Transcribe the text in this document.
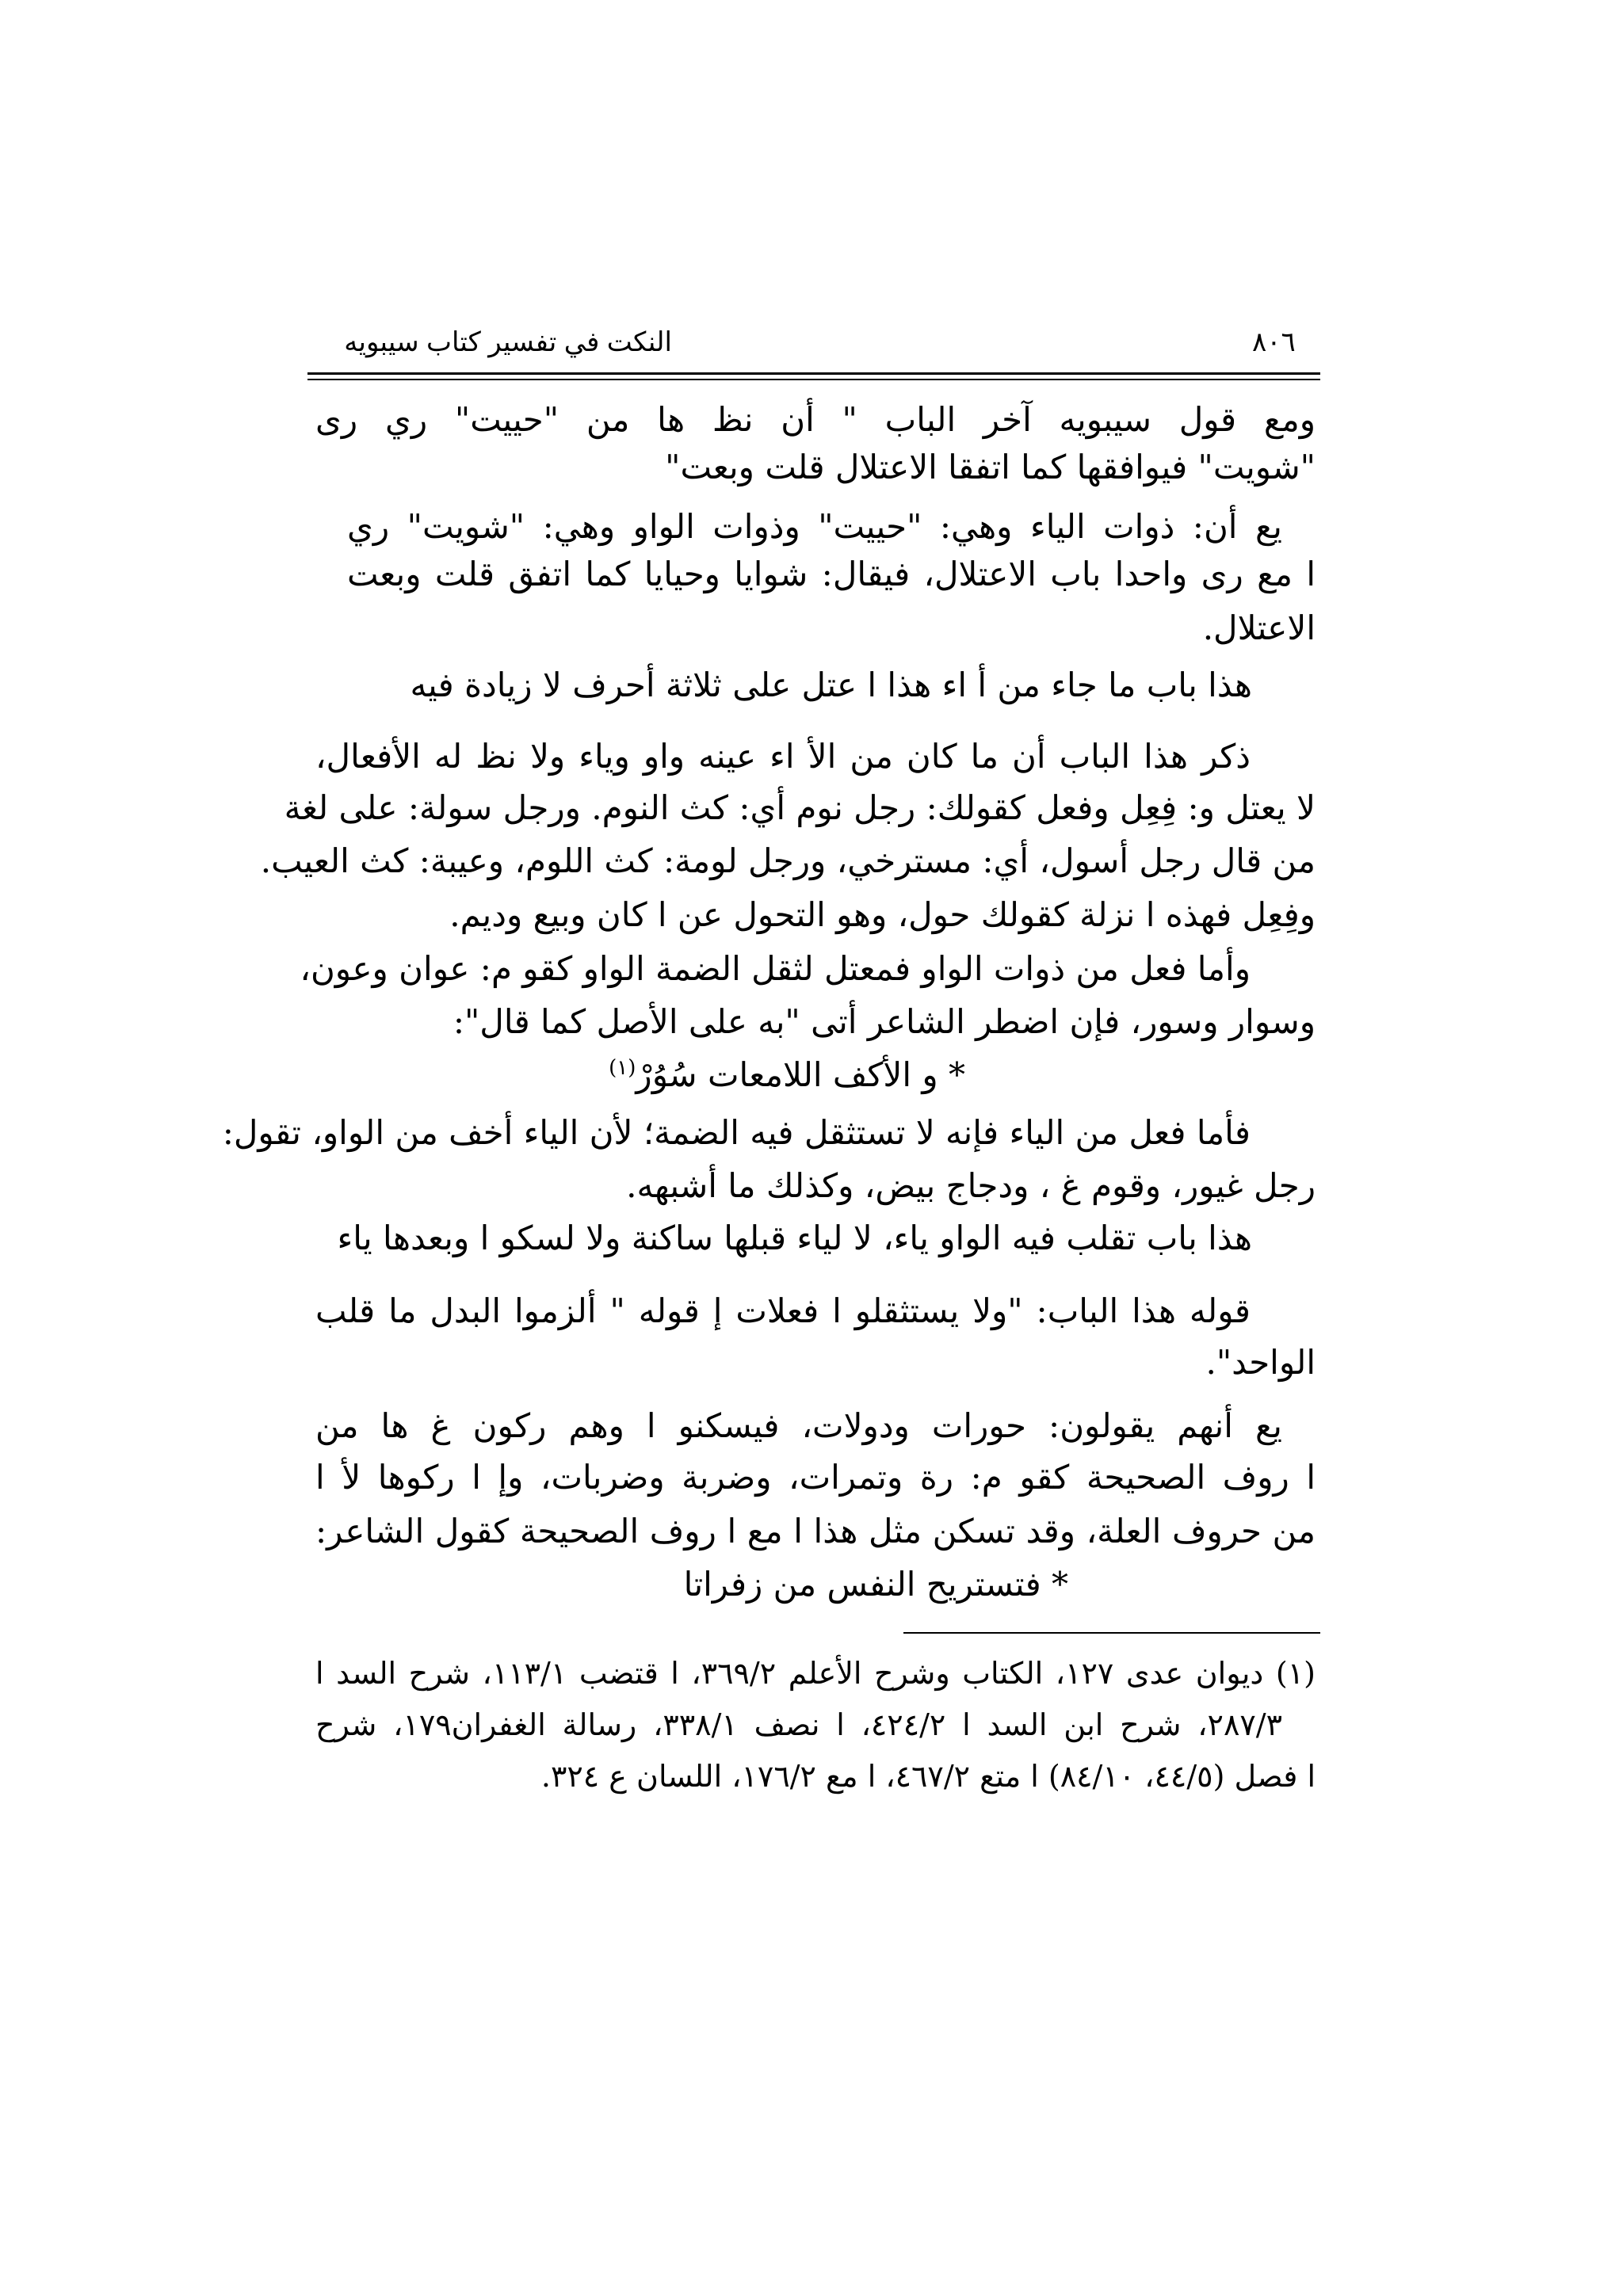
النكت في تفسير كتاب سيبويه	٨٠٦
ومع قول سيبويه آخر الباب " أن نظ ها من "حييت" ري رى
"شويت" فيوافقها كما اتفقا الاعتلال قلت وبعت"
يع أن: ذوات الياء وهي: "حييت" وذوات الواو وهي: "شويت" ري
ا مع رى واحدا باب الاعتلال، فيقال: شوايا وحيايا كما اتفق قلت وبعت
الاعتلال.
هذا باب ما جاء من أ اء هذا ا عتل على ثلاثة أحرف لا زيادة فيه
ذكر هذا الباب أن ما كان من الأ اء عينه واو وياء ولا نظ له الأفعال،
لا يعتل و: فِعِل وفعل كقولك: رجل نوم أي: كث النوم. ورجل سولة: على لغة
من قال رجل أسول، أي: مسترخي، ورجل لومة: كث اللوم، وعيبة: كث العيب.
وفِعِل فهذه ا نزلة كقولك حول، وهو التحول عن ا كان وبيع وديم.
وأما فعل من ذوات الواو فمعتل لثقل الضمة الواو كقو م: عوان وعون،
وسوار وسور، فإن اضطر الشاعر أتى "به على الأصل كما قال":
* و الأكف اللامعات سُوُرْ$^{(١)}$
فأما فعل من الياء فإنه لا تستثقل فيه الضمة؛ لأن الياء أخف من الواو، تقول:
رجل غيور، وقوم غ ، ودجاج بيض، وكذلك ما أشبهه.
هذا باب تقلب فيه الواو ياء، لا لياء قبلها ساكنة ولا لسكو ا وبعدها ياء
قوله هذا الباب: "ولا يستثقلو ا فعلات إ قوله " ألزموا البدل ما قلب
الواحد".
يع أنهم يقولون: حورات ودولات، فيسكنو ا وهم ركون غ ها من
ا روف الصحيحة كقو م: رة وتمرات، وضربة وضربات، وإ ا ركوها لأ ا
من حروف العلة، وقد تسكن مثل هذا ا مع ا روف الصحيحة كقول الشاعر:
* فتستريح النفس من زفراتا
(١) ديوان عدى ١٢٧، الكتاب وشرح الأعلم ٣٦٩/٢، ا قتضب ١١٣/١، شرح السد ا
٢٨٧/٣، شرح ابن السد ا ٤٢٤/٢، ا نصف ٣٣٨/١، رسالة الغفران١٧٩، شرح
ا فصل (٤٤/٥، ٨٤/١٠) ا متع ٤٦٧/٢، ا مع ١٧٦/٢، اللسان ع ٣٢٤.
